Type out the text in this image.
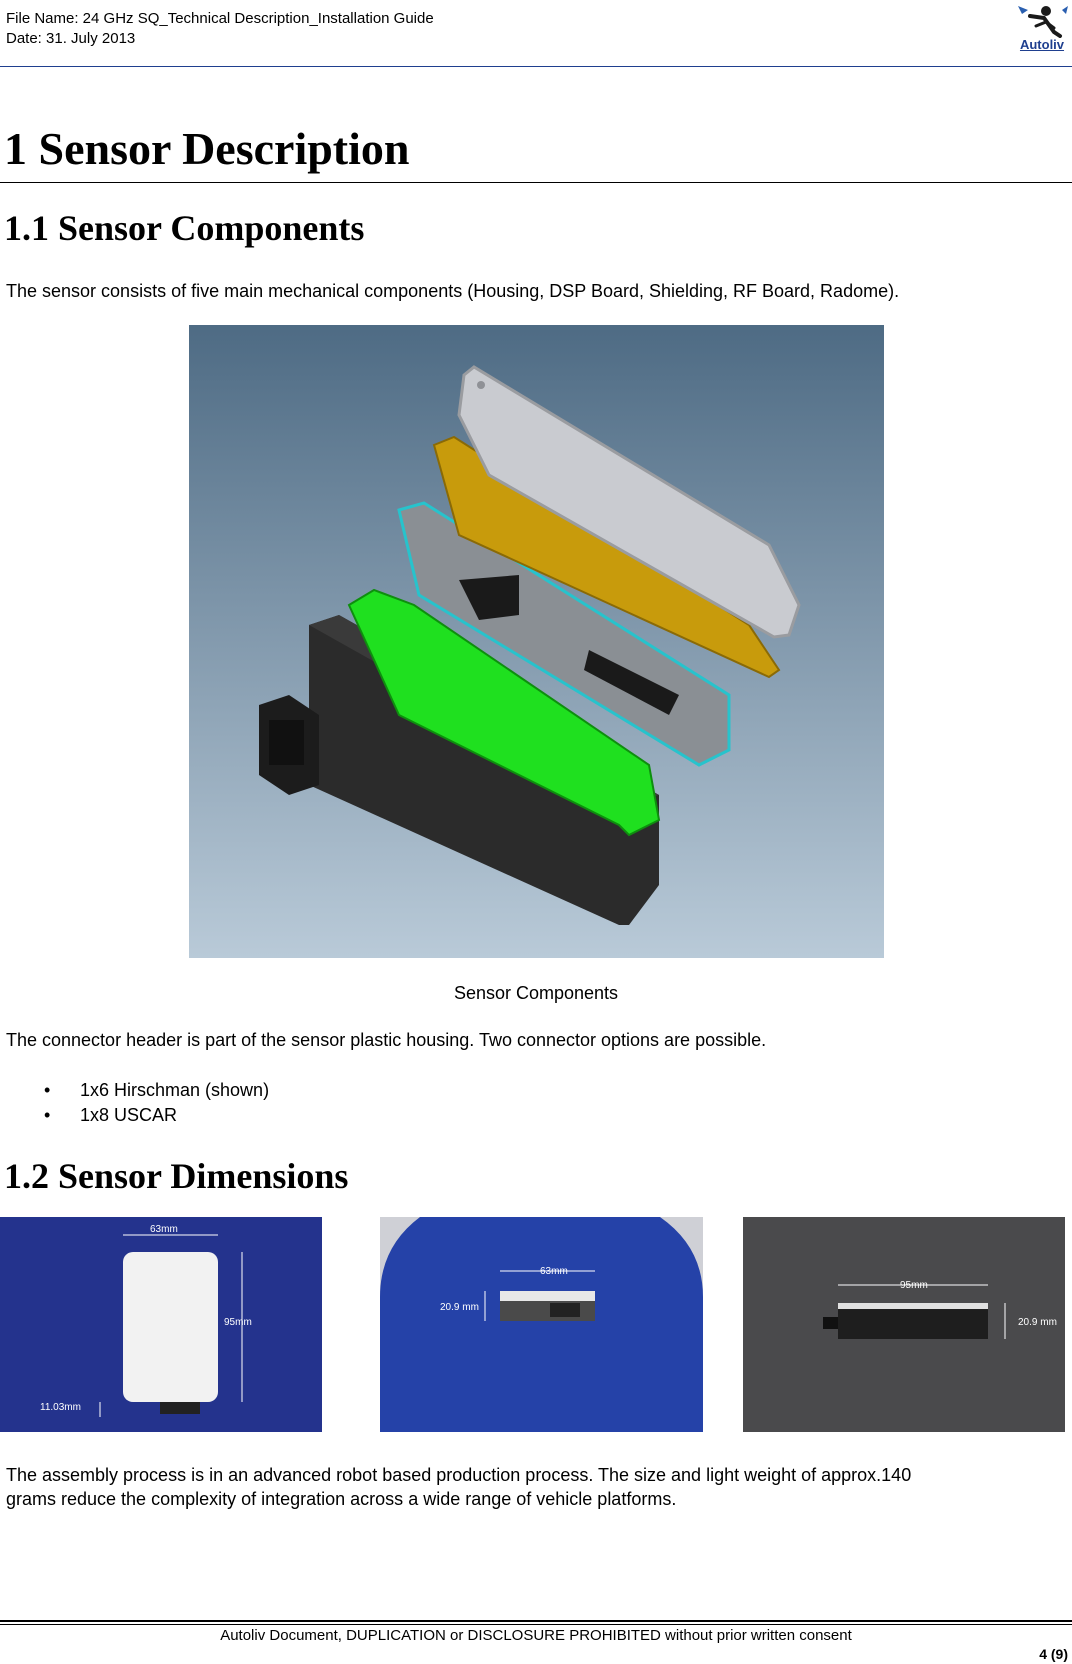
File Name: 24 GHz SQ_Technical Description_Installation Guide
Date: 31. July 2013	Autoliv
1 Sensor Description
1.1 Sensor Components
The sensor consists of five main mechanical components (Housing, DSP Board, Shielding, RF Board, Radome).
Sensor Components
The connector header is part of the sensor plastic housing. Two connector options are possible.
• 1x6 Hirschman (shown)
• 1x8 USCAR
1.2 Sensor Dimensions
63mm
95mm
11.03mm
63mm
20.9 mm
95mm
20.9 mm
The assembly process is in an advanced robot based production process. The size and light weight of approx.140
grams reduce the complexity of integration across a wide range of vehicle platforms.
Autoliv Document, DUPLICATION or DISCLOSURE PROHIBITED without prior written consent
4 (9)
